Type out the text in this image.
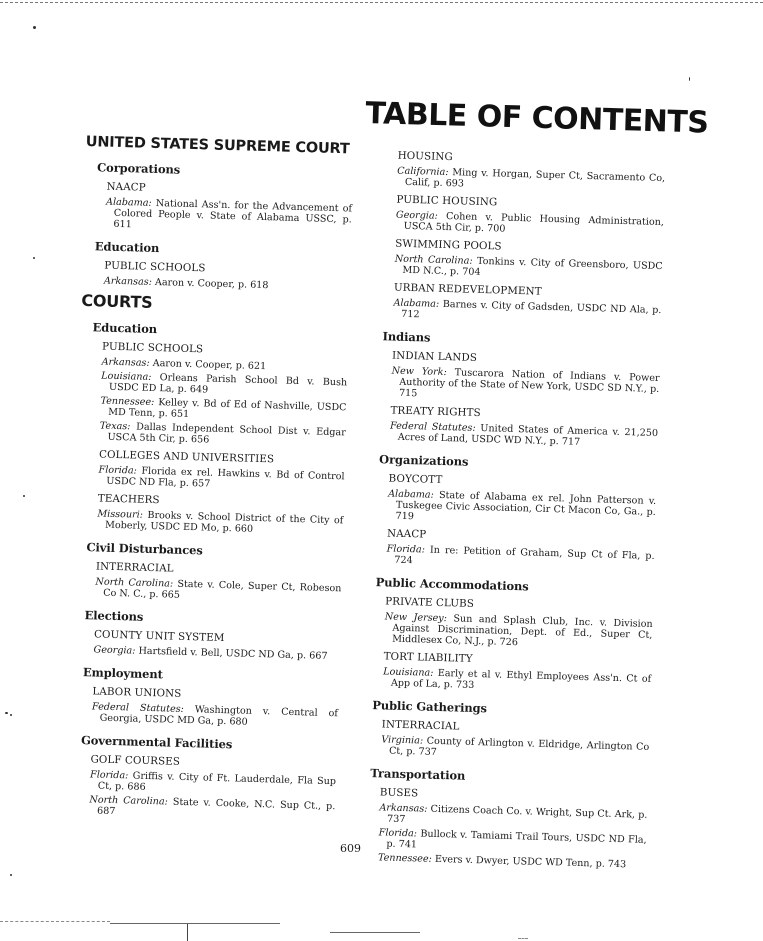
TABLE OF CONTENTS
UNITED STATES SUPREME COURT
Corporations
NAACP
Alabama: National Ass'n. for the Advancement of Colored People v. State of Alabama USSC, p. 611
Education
PUBLIC SCHOOLS
Arkansas: Aaron v. Cooper, p. 618
COURTS
Education
PUBLIC SCHOOLS
Arkansas: Aaron v. Cooper, p. 621
Louisiana: Orleans Parish School Bd v. Bush USDC ED La, p. 649
Tennessee: Kelley v. Bd of Ed of Nashville, USDC MD Tenn, p. 651
Texas: Dallas Independent School Dist v. Edgar USCA 5th Cir, p. 656
COLLEGES AND UNIVERSITIES
Florida: Florida ex rel. Hawkins v. Bd of Control USDC ND Fla, p. 657
TEACHERS
Missouri: Brooks v. School District of the City of Moberly, USDC ED Mo, p. 660
Civil Disturbances
INTERRACIAL
North Carolina: State v. Cole, Super Ct, Robeson Co N. C., p. 665
Elections
COUNTY UNIT SYSTEM
Georgia: Hartsfield v. Bell, USDC ND Ga, p. 667
Employment
LABOR UNIONS
Federal Statutes: Washington v. Central of Georgia, USDC MD Ga, p. 680
Governmental Facilities
GOLF COURSES
Florida: Griffis v. City of Ft. Lauderdale, Fla Sup Ct, p. 686
North Carolina: State v. Cooke, N.C. Sup Ct., p. 687
HOUSING
California: Ming v. Horgan, Super Ct, Sacramento Co, Calif, p. 693
PUBLIC HOUSING
Georgia: Cohen v. Public Housing Administration, USCA 5th Cir, p. 700
SWIMMING POOLS
North Carolina: Tonkins v. City of Greensboro, USDC MD N.C., p. 704
URBAN REDEVELOPMENT
Alabama: Barnes v. City of Gadsden, USDC ND Ala, p. 712
Indians
INDIAN LANDS
New York: Tuscarora Nation of Indians v. Power Authority of the State of New York, USDC SD N.Y., p. 715
TREATY RIGHTS
Federal Statutes: United States of America v. 21,250 Acres of Land, USDC WD N.Y., p. 717
Organizations
BOYCOTT
Alabama: State of Alabama ex rel. John Patterson v. Tuskegee Civic Association, Cir Ct Macon Co, Ga., p. 719
NAACP
Florida: In re: Petition of Graham, Sup Ct of Fla, p. 724
Public Accommodations
PRIVATE CLUBS
New Jersey: Sun and Splash Club, Inc. v. Division Against Discrimination, Dept. of Ed., Super Ct, Middlesex Co, N.J., p. 726
TORT LIABILITY
Louisiana: Early et al v. Ethyl Employees Ass'n. Ct of App of La, p. 733
Public Gatherings
INTERRACIAL
Virginia: County of Arlington v. Eldridge, Arlington Co Ct, p. 737
Transportation
BUSES
Arkansas: Citizens Coach Co. v. Wright, Sup Ct. Ark, p. 737
Florida: Bullock v. Tamiami Trail Tours, USDC ND Fla, p. 741
Tennessee: Evers v. Dwyer, USDC WD Tenn, p. 743
609
